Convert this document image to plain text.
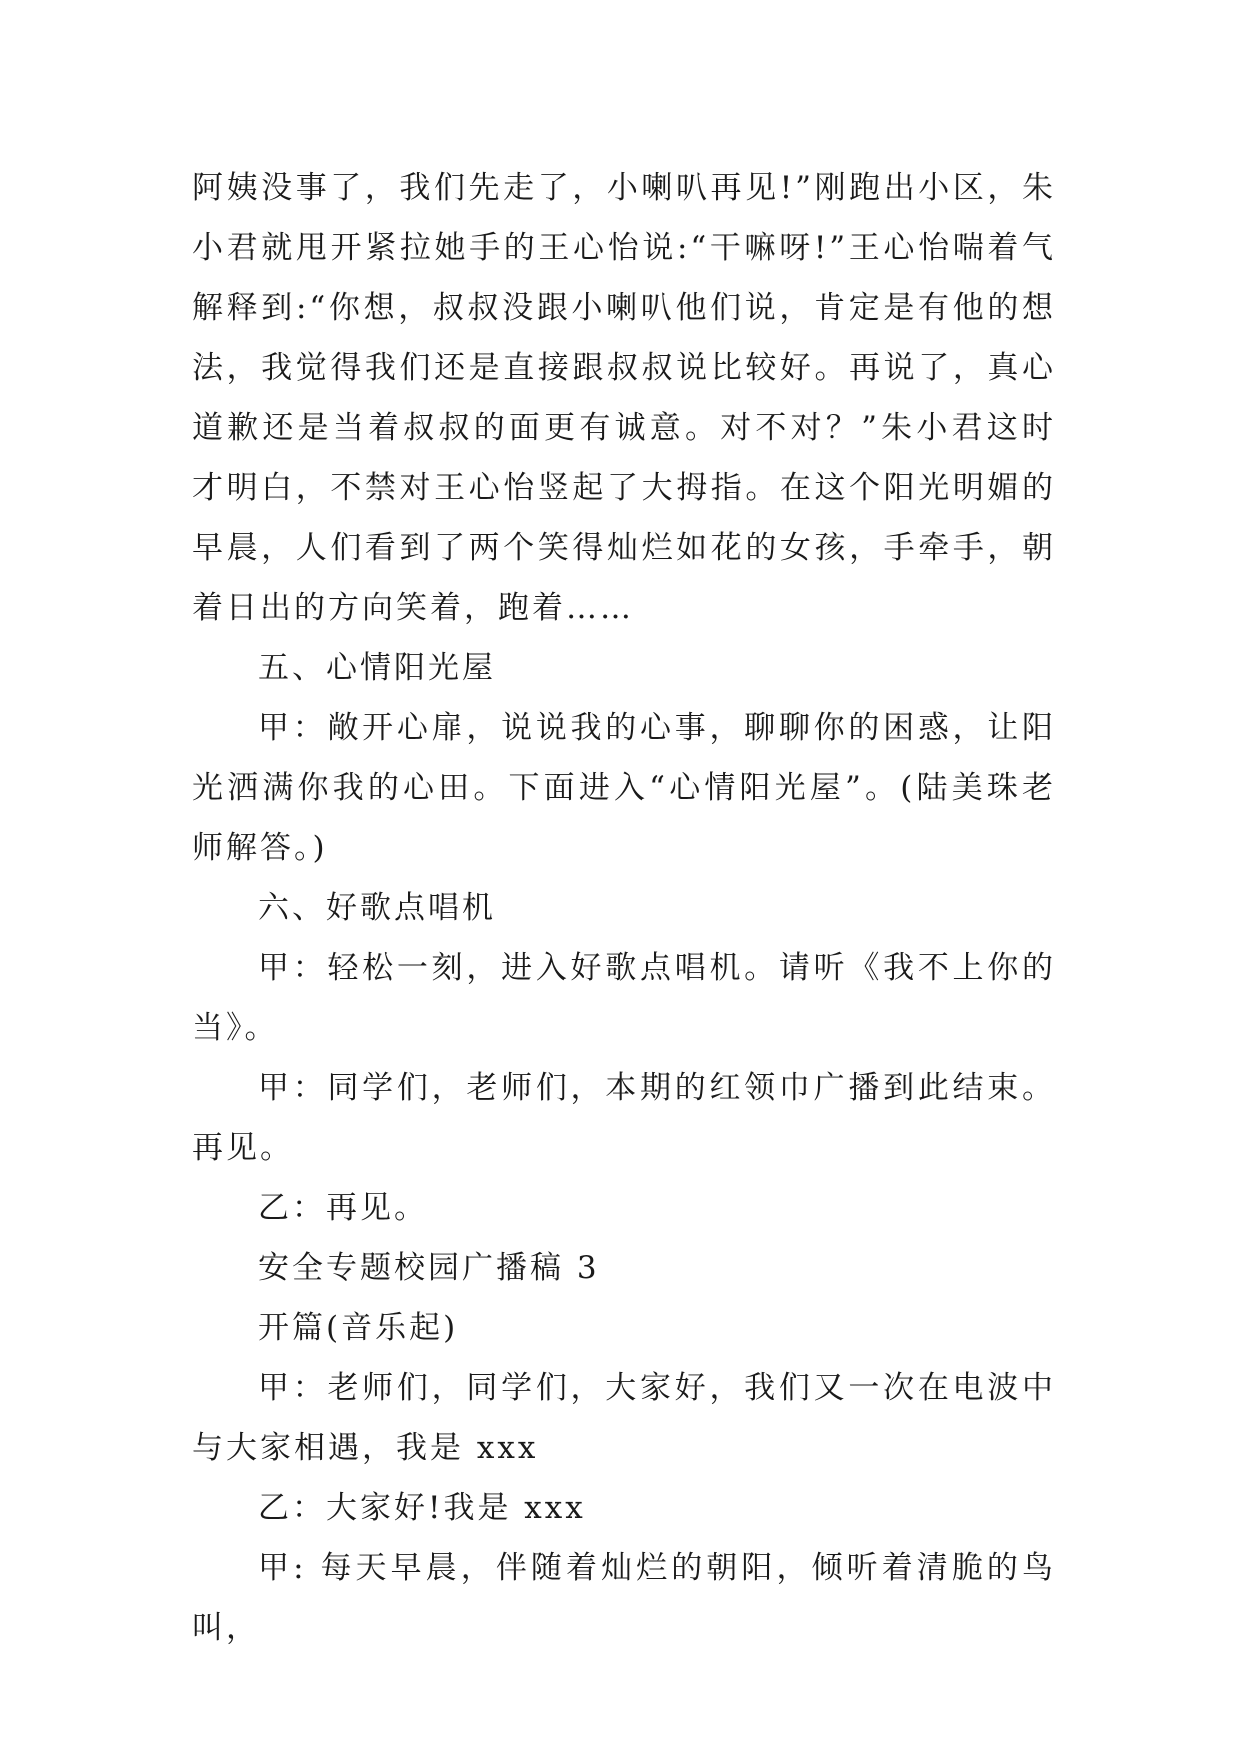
阿姨没事了，我们先走了，小喇叭再见!”刚跑出小区，朱小君就甩开紧拉她手的王心怡说:“干嘛呀!”王心怡喘着气解释到:“你想，叔叔没跟小喇叭他们说，肯定是有他的想法，我觉得我们还是直接跟叔叔说比较好。再说了，真心道歉还是当着叔叔的面更有诚意。对不对？”朱小君这时才明白，不禁对王心怡竖起了大拇指。在这个阳光明媚的早晨，人们看到了两个笑得灿烂如花的女孩，手牵手，朝着日出的方向笑着，跑着……

五、心情阳光屋

甲：敞开心扉，说说我的心事，聊聊你的困惑，让阳光洒满你我的心田。下面进入“心情阳光屋”。(陆美珠老师解答。)

六、好歌点唱机

甲：轻松一刻，进入好歌点唱机。请听《我不上你的当》。

甲：同学们，老师们，本期的红领巾广播到此结束。再见。

乙：再见。

安全专题校园广播稿 3

开篇(音乐起)

甲：老师们，同学们，大家好，我们又一次在电波中与大家相遇，我是 xxx

乙：大家好!我是 xxx

甲: 每天早晨，伴随着灿烂的朝阳，倾听着清脆的鸟叫，
